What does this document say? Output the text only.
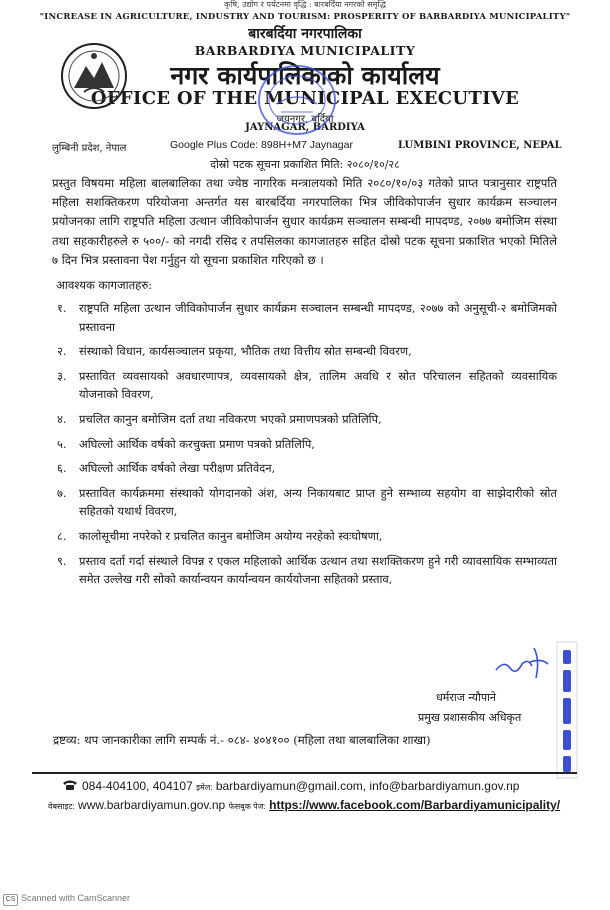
कृषि, उद्योग र पर्यटनमा वृद्धि : बारबर्दिया नगरको समृद्धि
"INCREASE IN AGRICULTURE, INDUSTRY AND TOURISM: PROSPERITY OF BARBARDIYA MUNICIPALITY"
बारबर्दिया नगरपालिका
BARBARDIYA MUNICIPALITY
नगर कार्यपालिकाको कार्यालय
OFFICE OF THE MUNICIPAL EXECUTIVE
जयनगर, बर्दिया
JAYNAGAR, BARDIYA
लुम्बिनी प्रदेश, नेपाल	Google Plus Code: 898H+M7 Jaynagar	LUMBINI PROVINCE, NEPAL
दोस्रो पटक सूचना प्रकाशित मिति: २०८०/१०/२८
प्रस्तुत विषयमा महिला बालबालिका तथा ज्येष्ठ नागरिक मन्त्रालयको मिति २०८०/१०/०३ गतेको प्राप्त पत्रानुसार राष्ट्रपति महिला सशक्तिकरण परियोजना अन्तर्गत यस बारबर्दिया नगरपालिका भित्र जीविकोपार्जन सुधार कार्यक्रम सञ्चालन प्रयोजनका लागि राष्ट्रपति महिला उत्थान जीविकोपार्जन सुधार कार्यक्रम सञ्चालन सम्बन्धी मापदण्ड, २०७७ बमोजिम संस्था तथा सहकारीहरुले रु ५००/- को नगदी रसिद र तपसिलका कागजातहरु सहित दोस्रो पटक सूचना प्रकाशित भएको मितिले ७ दिन भित्र प्रस्तावना पेश गर्नुहुन यो सूचना प्रकाशित गरिएको छ ।
आवश्यक कागजातहरु:
१.	राष्ट्रपति महिला उत्थान जीविकोपार्जन सुधार कार्यक्रम सञ्चालन सम्बन्धी मापदण्ड, २०७७ को अनुसूची-२ बमोजिमको प्रस्तावना
२.	संस्थाको विधान, कार्यसञ्चालन प्रकृया, भौतिक तथा वित्तीय स्रोत सम्बन्धी विवरण,
३.	प्रस्तावित व्यवसायको अवधारणापत्र, व्यवसायको क्षेत्र, तालिम अवधि र स्रोत परिचालन सहितको व्यवसायिक योजनाको विवरण,
४.	प्रचलित कानुन बमोजिम दर्ता तथा नविकरण भएको प्रमाणपत्रको प्रतिलिपि,
५.	अघिल्लो आर्थिक वर्षको करचुक्ता प्रमाण पत्रको प्रतिलिपि,
६.	अघिल्लो आर्थिक वर्षको लेखा परीक्षण प्रतिवेदन,
७.	प्रस्तावित कार्यक्रममा संस्थाको योगदानको अंश, अन्य निकायबाट प्राप्त हुने सम्भाव्य सहयोग वा साझेदारीको स्रोत सहितको यथार्थ विवरण,
८.	कालोसूचीमा नपरेको र प्रचलित कानुन बमोजिम अयोग्य नरहेको स्वःघोषणा,
९.	प्रस्ताव दर्ता गर्दा संस्थाले विपन्न र एकल महिलाको आर्थिक उत्थान तथा सशक्तिकरण हुने गरी व्यावसायिक सम्भाव्यता समेत उल्लेख गरी सोको कार्यान्वयन कार्यान्वयन कार्ययोजना सहितको प्रस्ताव,
धर्मराज न्यौपाने
प्रमुख प्रशासकीय अधिकृत
द्रष्टव्य: थप जानकारीका लागि सम्पर्क नं.- ०८४- ४०४१०० (महिला तथा बालबालिका शाखा)
084-404100, 404107 इमेल: barbardiyamun@gmail.com, info@barbardiyamun.gov.np
वेबसाइट: www.barbardiyamun.gov.np फेसबुक पेज: https://www.facebook.com/Barbardiyamunicipality/
CS Scanned with CamScanner
